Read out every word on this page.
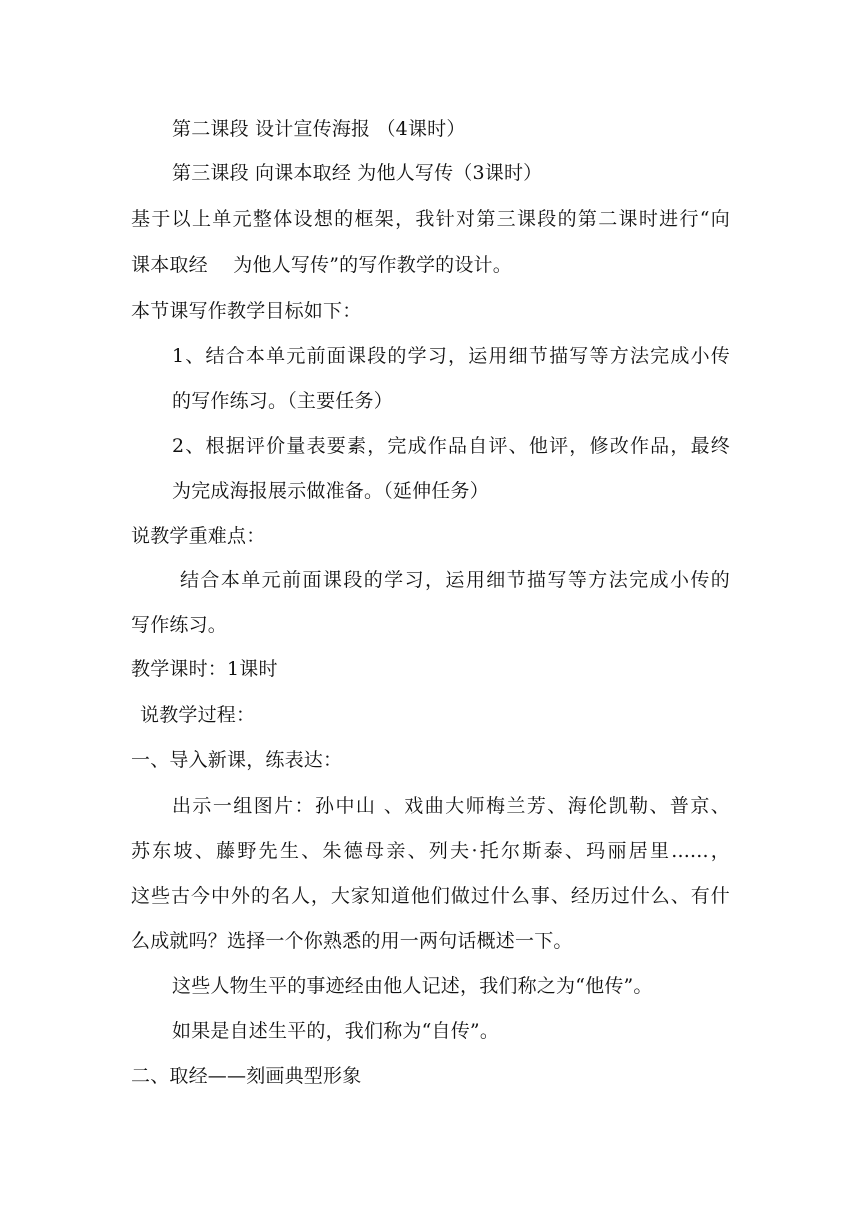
第二课段 设计宣传海报 （4课时）
第三课段 向课本取经 为他人写传（3课时）
基于以上单元整体设想的框架，我针对第三课段的第二课时进行“向
课本取经　 为他人写传”的写作教学的设计。
本节课写作教学目标如下：
1、结合本单元前面课段的学习，运用细节描写等方法完成小传
的写作练习。（主要任务）
2、根据评价量表要素，完成作品自评、他评，修改作品，最终
为完成海报展示做准备。（延伸任务）
说教学重难点：
结合本单元前面课段的学习，运用细节描写等方法完成小传的
写作练习。
教学课时：1课时
说教学过程：
一、导入新课，练表达：
出示一组图片：孙中山 、戏曲大师梅兰芳、海伦凯勒、普京、
苏东坡、藤野先生、朱德母亲、列夫·托尔斯泰、玛丽居里......，
这些古今中外的名人，大家知道他们做过什么事、经历过什么、有什
么成就吗？选择一个你熟悉的用一两句话概述一下。
这些人物生平的事迹经由他人记述，我们称之为“他传”。
如果是自述生平的，我们称为“自传”。
二、取经——刻画典型形象
